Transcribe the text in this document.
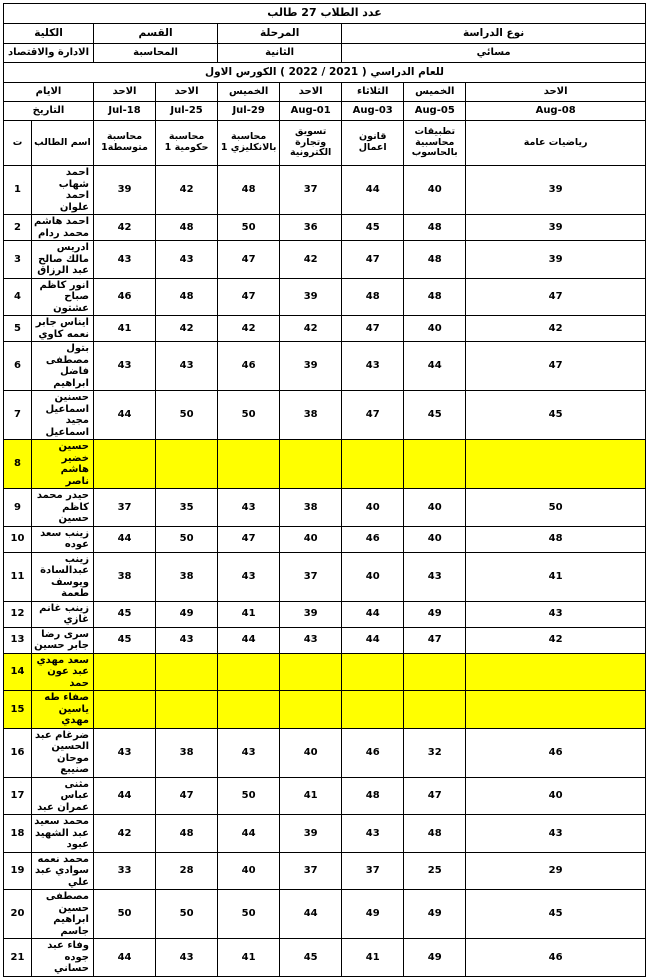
عدد الطلاب 27 طالب								
نوع الدراسة			المرحلة		القسم		الكلية	
مسائي			الثانية		المحاسبة		الادارة والاقتصاد	
للعام الدراسي ( 2021 / 2022 ) الكورس الاول								
الاحد	الخميس	الثلاثاء	الاحد	الخميس	الاحد	الاحد	الايام	
08-Aug	05-Aug	03-Aug	01-Aug	29-Jul	25-Jul	18-Jul	التاريخ	
رياضيات عامة	تطبيقات محاسبية بالحاسوب	قانون اعمال	تسويق وتجارة الكترونية	محاسبة بالانكليزي 1	محاسبة حكومية 1	محاسبة متوسطة1	اسم الطالب	ت
39	40	44	37	48	42	39	احمد شهاب احمد علوان	1
39	48	45	36	50	48	42	احمد هاشم محمد ردام	2
39	48	47	42	47	43	43	ادريس مالك صالح عبد الرزاق	3
47	48	48	39	47	48	46	انور كاظم صباح عشتون	4
42	40	47	42	42	42	41	ايناس جابر نعمه كاوي	5
47	44	43	39	46	43	43	بتول مصطفى فاضل ابراهيم	6
45	45	47	38	50	50	44	حسنين اسماعيل مجيد اسماعيل	7
							حسين خضير هاشم ناصر	8
50	40	40	38	43	35	37	حيدر محمد كاظم حسين	9
48	40	46	40	47	50	44	زينب سعد عوده	10
41	43	40	37	43	38	38	زينب عبدالسادة ويوسف طعمة	11
43	49	44	39	41	49	45	زينب غانم غازي	12
42	47	44	43	44	43	45	سرى رضا جابر حسين	13
							سعد مهدي عبد عون حمد	14
							صفاء طه ياسين مهدي	15
46	32	46	40	43	38	43	ضرغام عبد الحسين موحان صنيبع	16
40	47	48	41	50	47	44	مثنى عباس عمران عبد	17
43	48	43	39	44	48	42	محمد سعيد عبد الشهيد عبود	18
29	25	37	37	40	28	33	محمد نعمه سوادي عبد علي	19
45	49	49	44	50	50	50	مصطفى حسين ابراهيم جاسم	20
46	49	41	45	41	43	44	وفاء عبد جوده حساني	21
